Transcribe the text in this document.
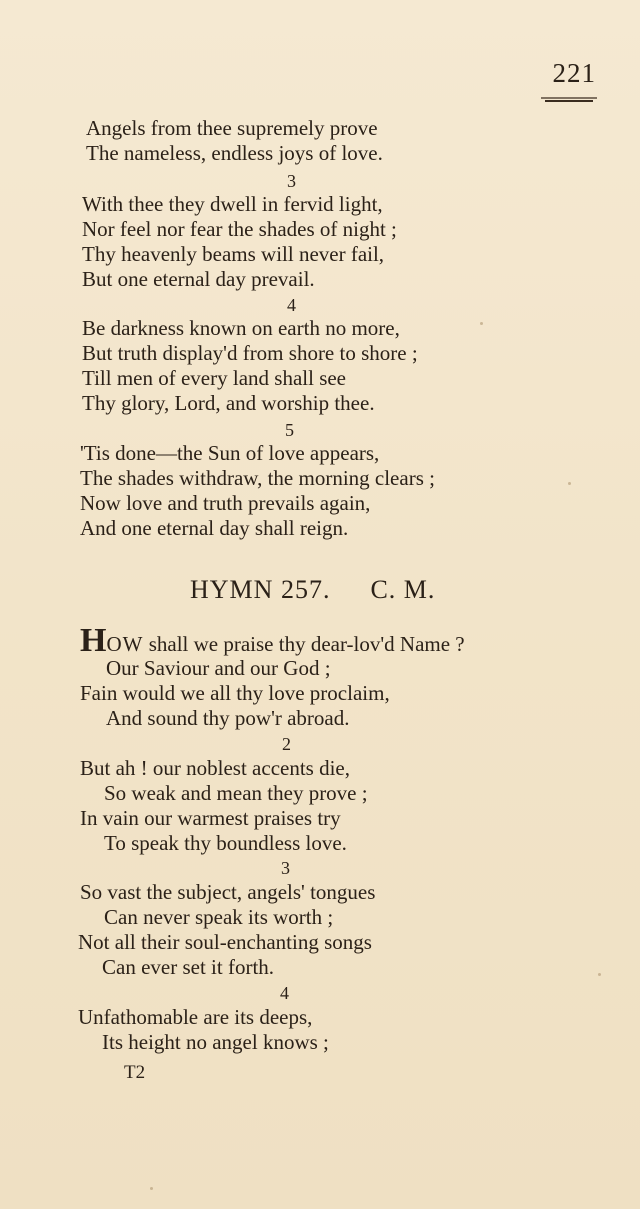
221
Angels from thee supremely prove
The nameless, endless joys of love.
3
With thee they dwell in fervid light,
Nor feel nor fear the shades of night ;
Thy heavenly beams will never fail,
But one eternal day prevail.
4
Be darkness known on earth no more,
But truth display'd from shore to shore ;
Till men of every land shall see
Thy glory, Lord, and worship thee.
5
'Tis done—the Sun of love appears,
The shades withdraw, the morning clears ;
Now love and truth prevails again,
And one eternal day shall reign.
HYMN 257. C. M.
HOW shall we praise thy dear-lov'd Name ?
Our Saviour and our God ;
Fain would we all thy love proclaim,
And sound thy pow'r abroad.
2
But ah ! our noblest accents die,
So weak and mean they prove ;
In vain our warmest praises try
To speak thy boundless love.
3
So vast the subject, angels' tongues
Can never speak its worth ;
Not all their soul-enchanting songs
Can ever set it forth.
4
Unfathomable are its deeps,
Its height no angel knows ;
T2
